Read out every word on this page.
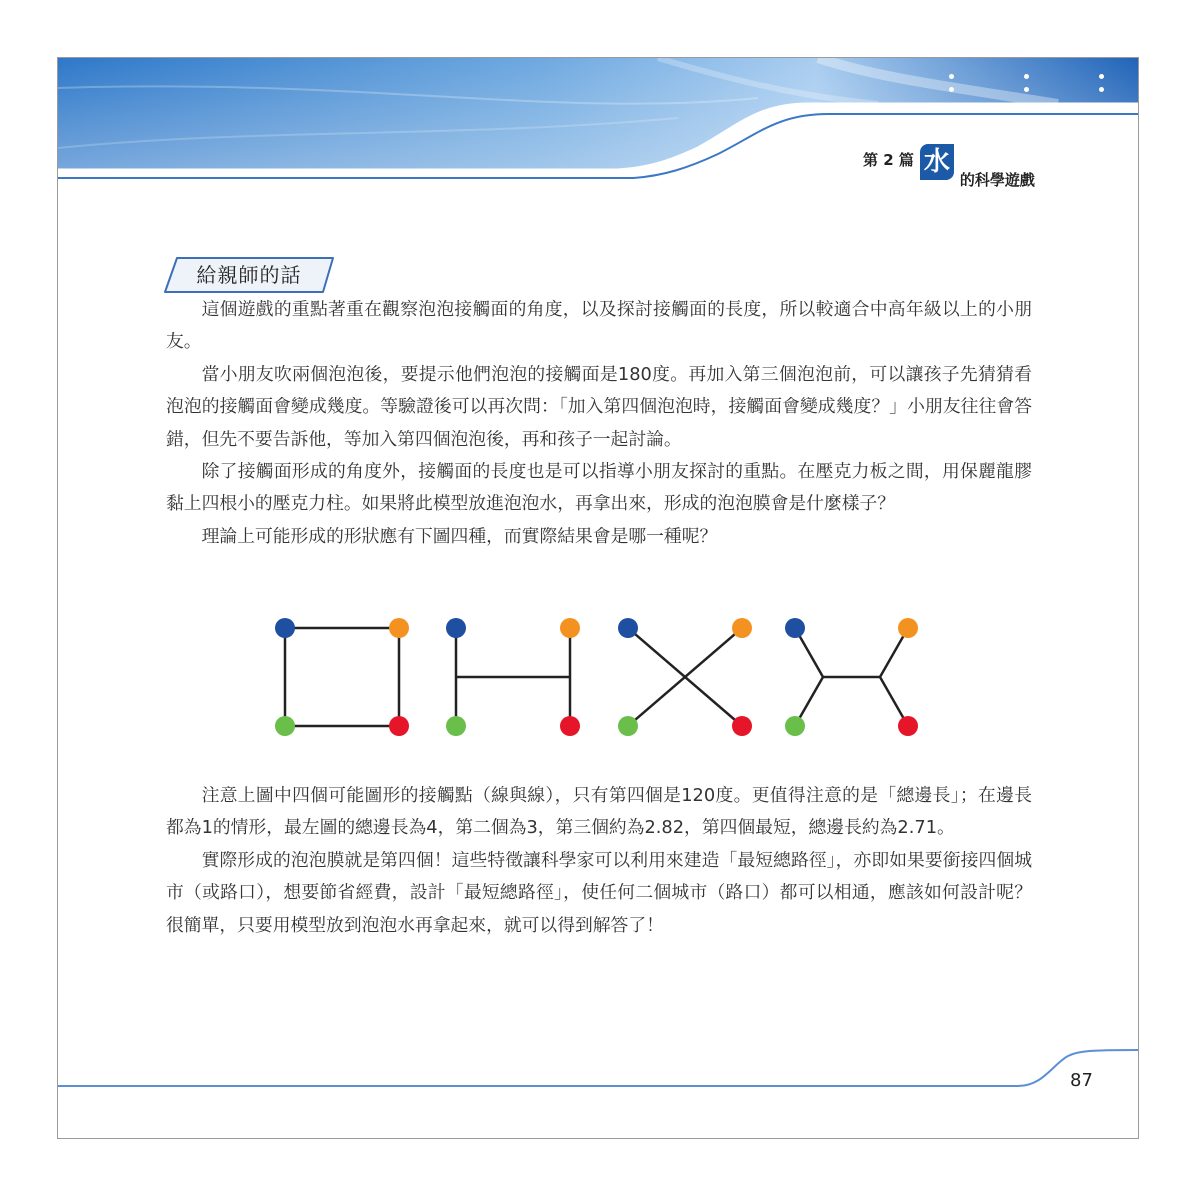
第 2 篇 水
的科學遊戲
給親師的話

這個遊戲的重點著重在觀察泡泡接觸面的角度，以及探討接觸面的長度，所以較適合中高年級以上的小朋友。

當小朋友吹兩個泡泡後，要提示他們泡泡的接觸面是180度。再加入第三個泡泡前，可以讓孩子先猜猜看泡泡的接觸面會變成幾度。等驗證後可以再次問：「加入第四個泡泡時，接觸面會變成幾度？」小朋友往往會答錯，但先不要告訴他，等加入第四個泡泡後，再和孩子一起討論。

除了接觸面形成的角度外，接觸面的長度也是可以指導小朋友探討的重點。在壓克力板之間，用保麗龍膠黏上四根小的壓克力柱。如果將此模型放進泡泡水，再拿出來，形成的泡泡膜會是什麼樣子？

理論上可能形成的形狀應有下圖四種，而實際結果會是哪一種呢？

注意上圖中四個可能圖形的接觸點（線與線），只有第四個是120度。更值得注意的是「總邊長」；在邊長都為1的情形，最左圖的總邊長為4，第二個為3，第三個約為2.82，第四個最短，總邊長約為2.71。

實際形成的泡泡膜就是第四個！這些特徵讓科學家可以利用來建造「最短總路徑」，亦即如果要銜接四個城市（或路口），想要節省經費，設計「最短總路徑」，使任何二個城市（路口）都可以相通，應該如何設計呢？很簡單，只要用模型放到泡泡水再拿起來，就可以得到解答了！

87
